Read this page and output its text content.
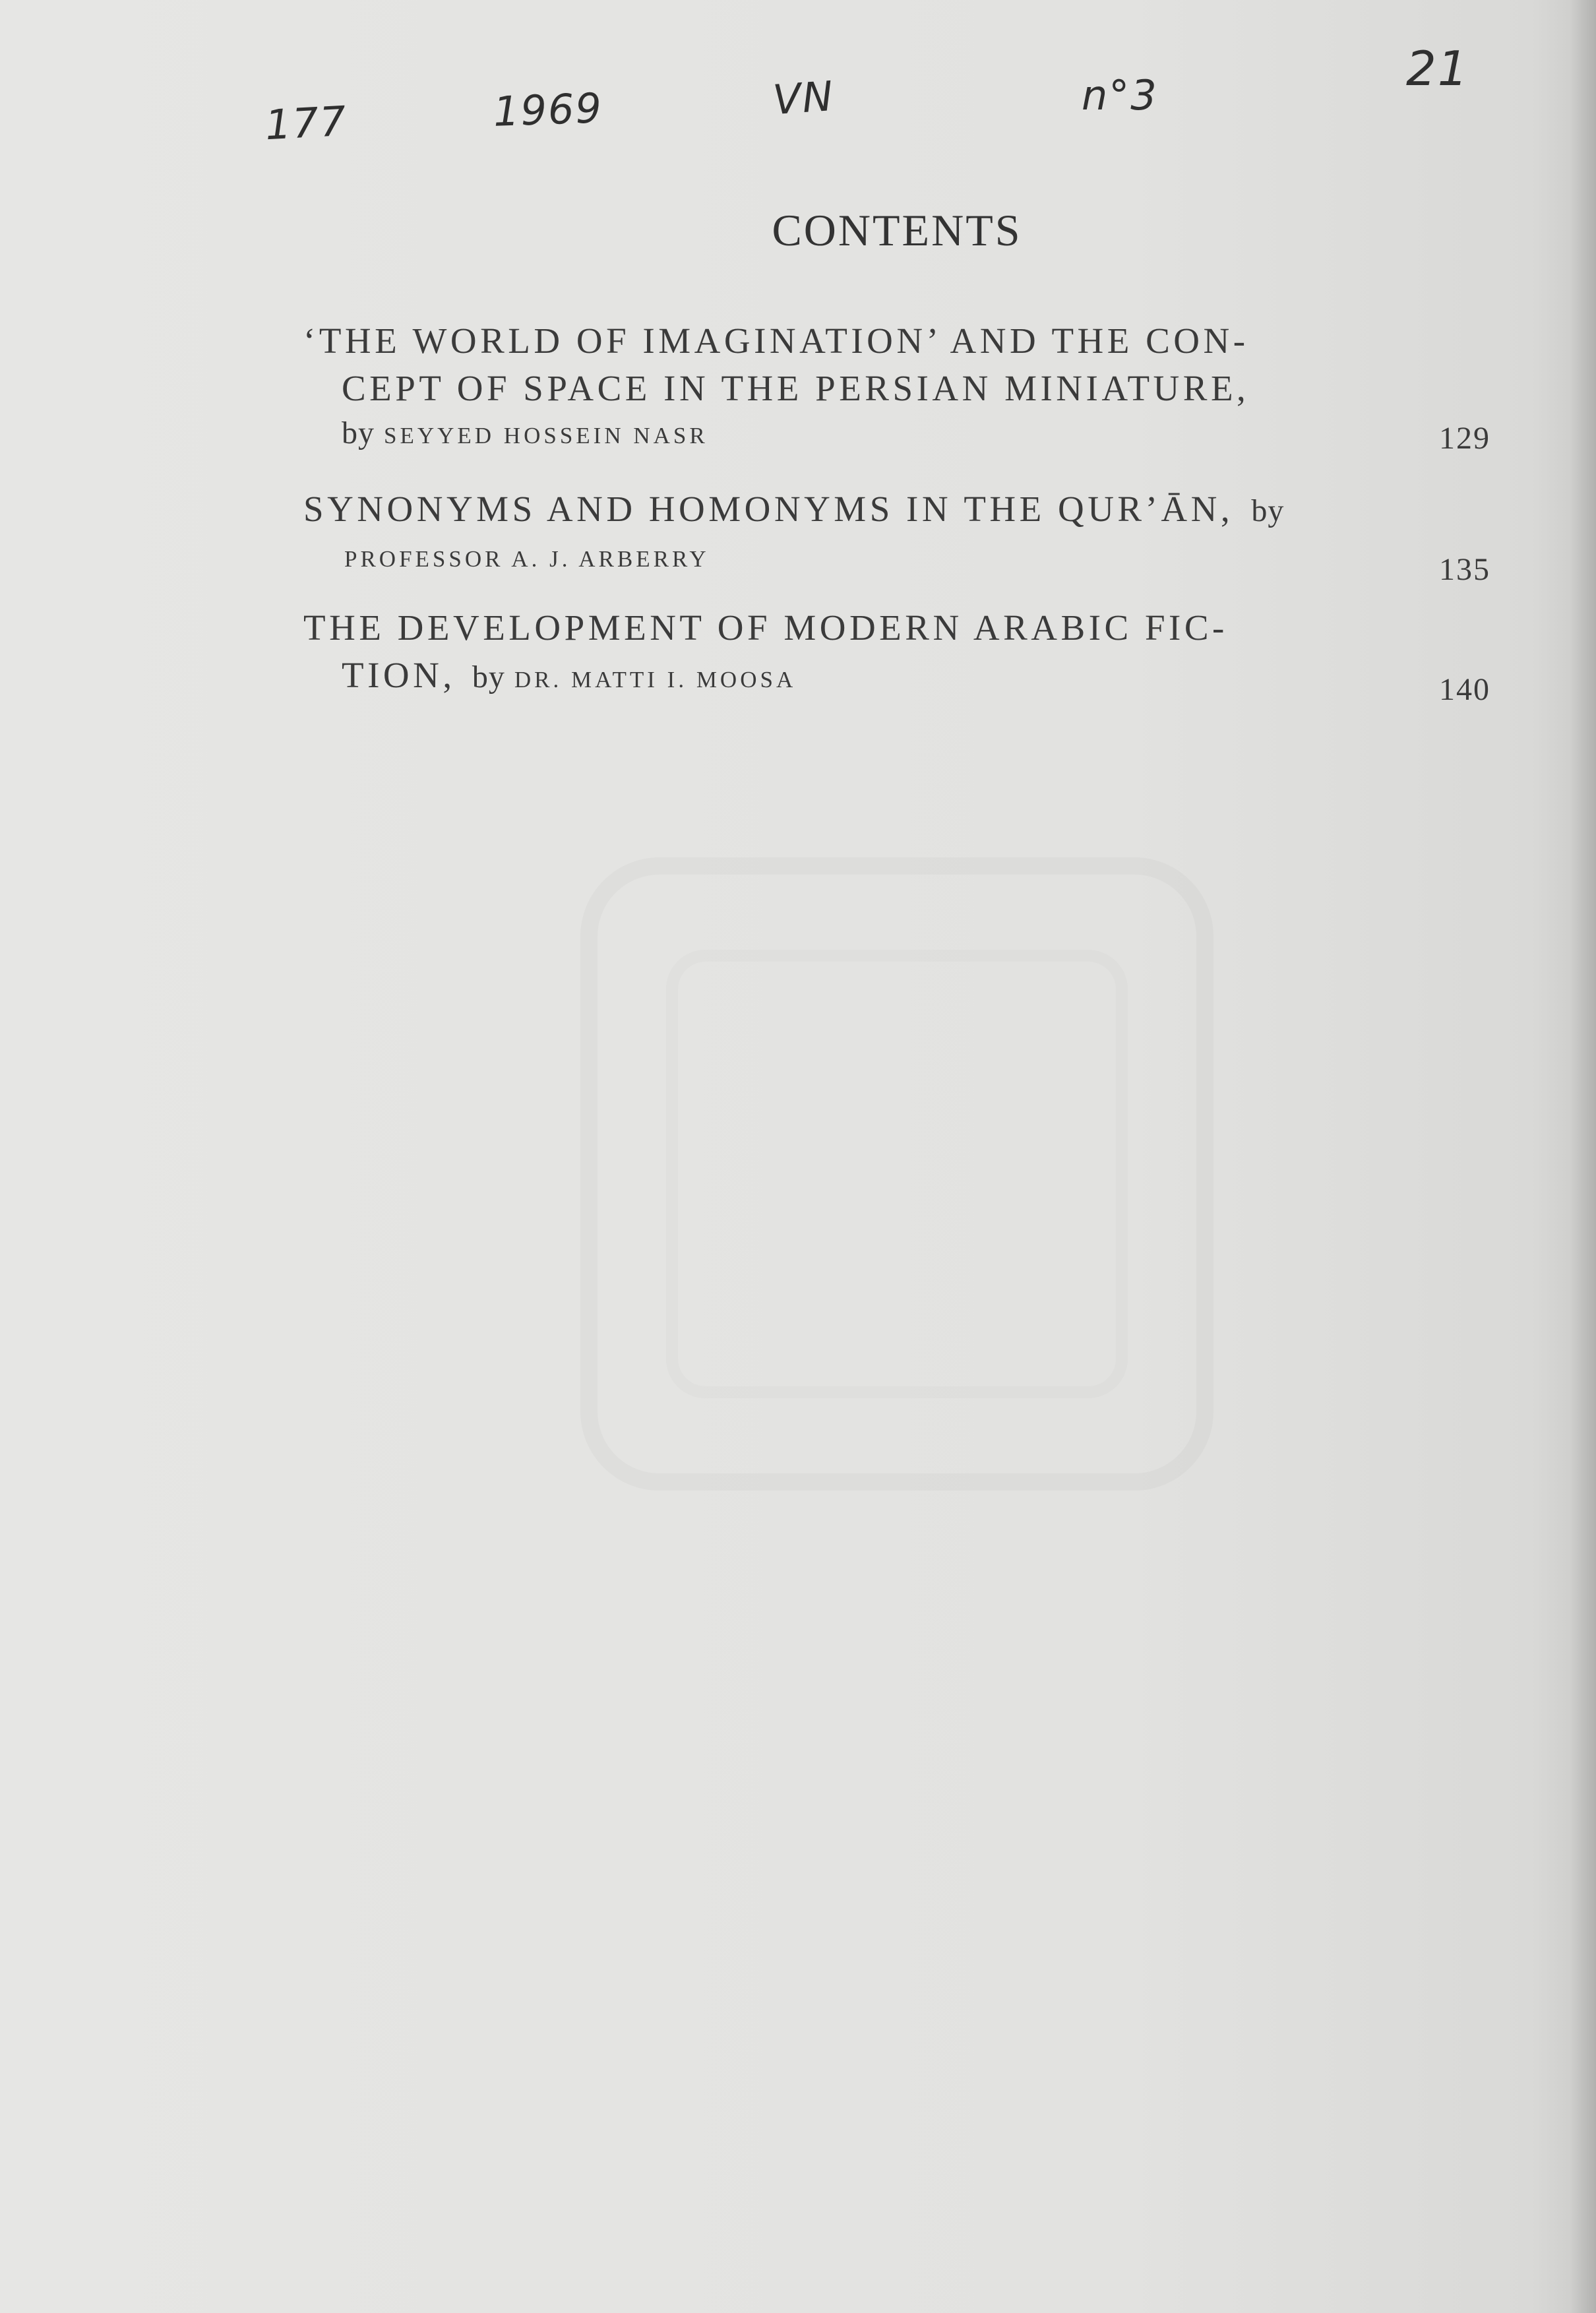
177	1969	VN	n°3	21
CONTENTS
‘THE WORLD OF IMAGINATION’ AND THE CON-
CEPT OF SPACE IN THE PERSIAN MINIATURE,
by SEYYED HOSSEIN NASR	129
SYNONYMS AND HOMONYMS IN THE QUR’ĀN, by
PROFESSOR A. J. ARBERRY	135
THE DEVELOPMENT OF MODERN ARABIC FIC-
TION, by DR. MATTI I. MOOSA	140
